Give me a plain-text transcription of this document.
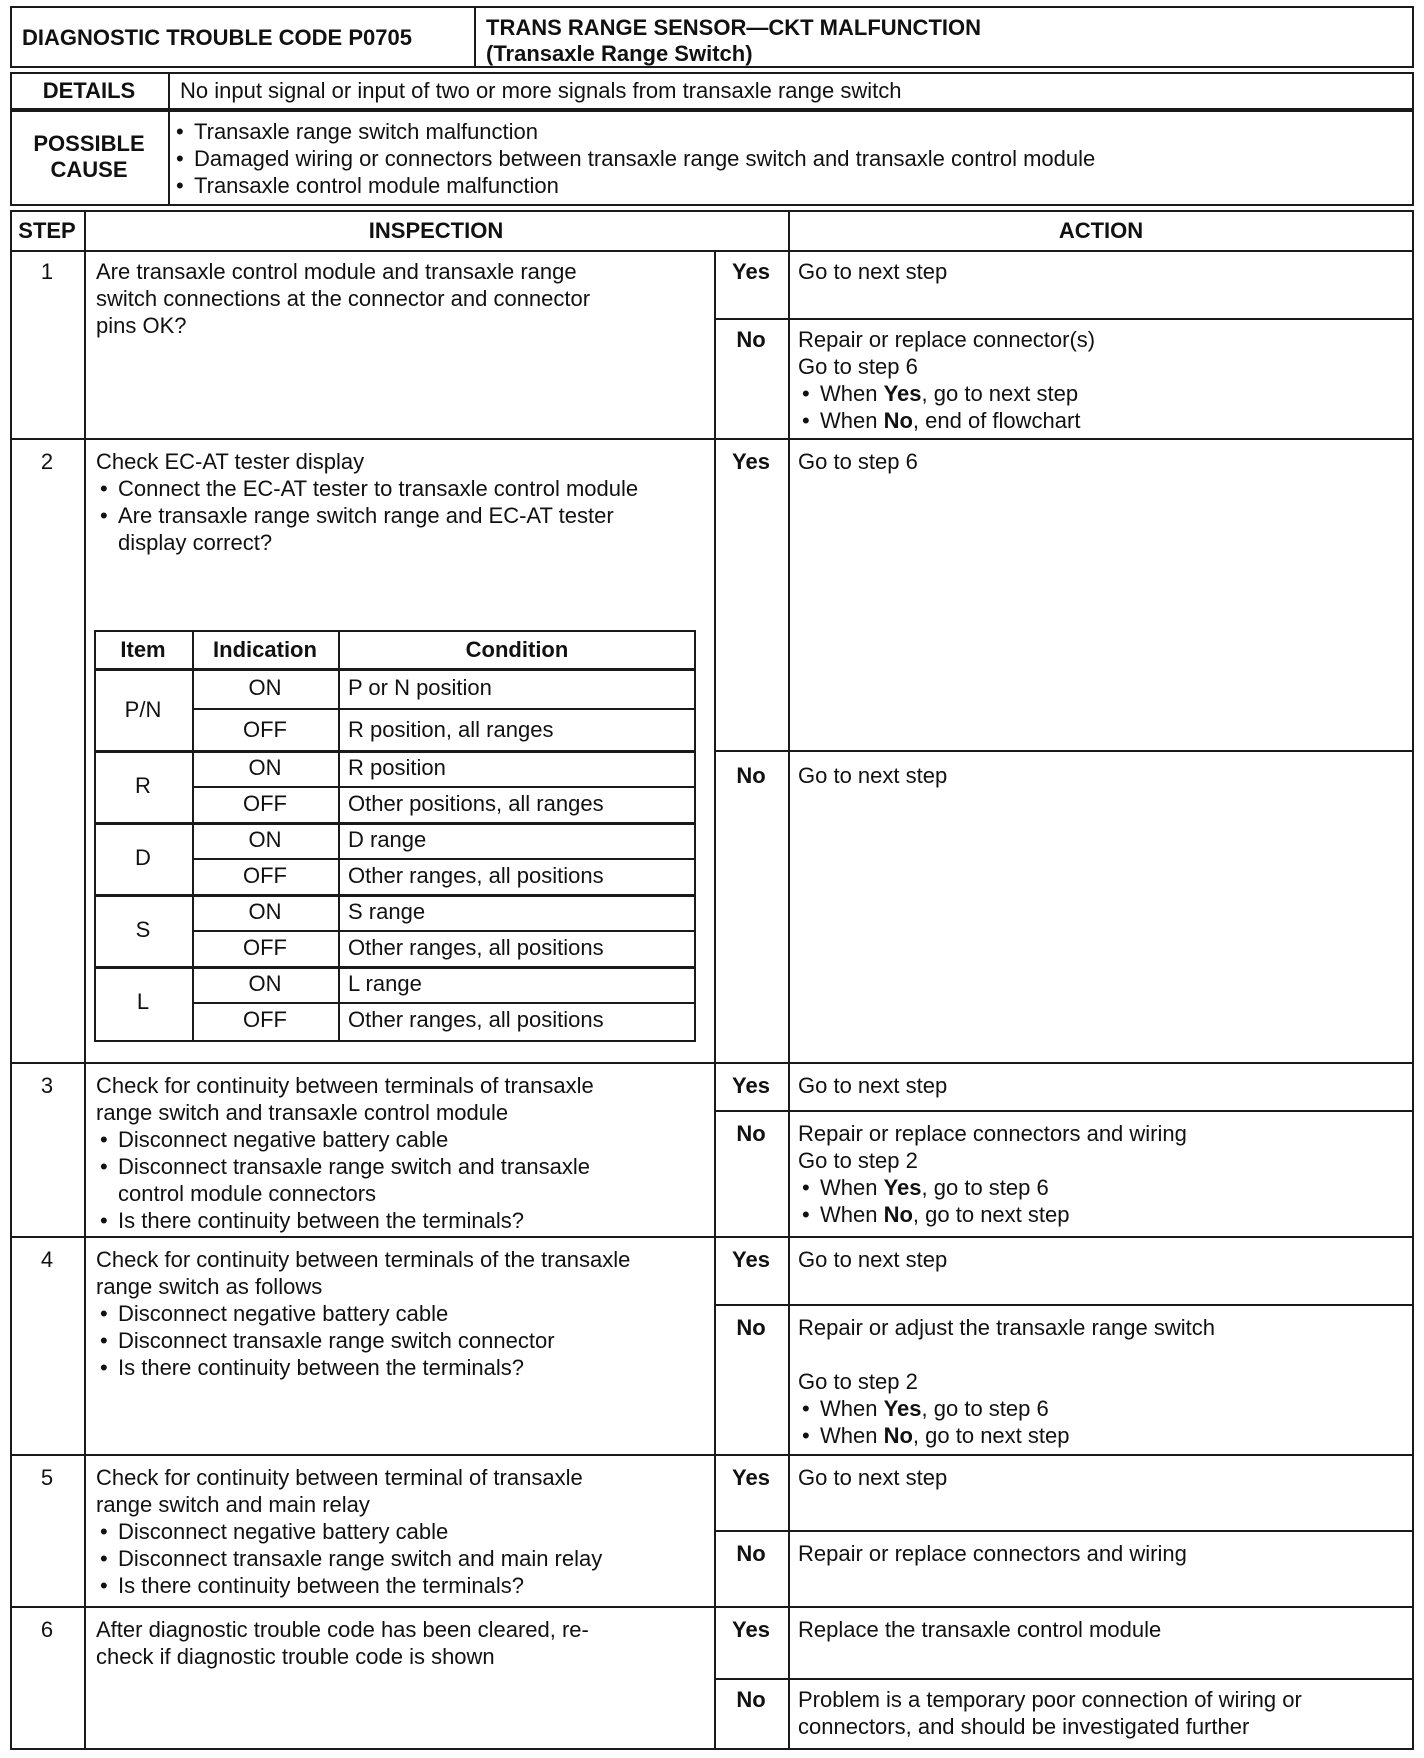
DIAGNOSTIC TROUBLE CODE P0705	TRANS RANGE SENSOR—CKT MALFUNCTION
(Transaxle Range Switch)
DETAILS	No input signal or input of two or more signals from transaxle range switch
POSSIBLE
CAUSE
• Transaxle range switch malfunction
• Damaged wiring or connectors between transaxle range switch and transaxle control module
• Transaxle control module malfunction
STEP	INSPECTION	ACTION
1	Are transaxle control module and transaxle range
switch connections at the connector and connector
pins OK?
Yes	Go to next step
No	Repair or replace connector(s)
Go to step 6
• When Yes, go to next step
• When No, end of flowchart
2	Check EC-AT tester display
• Connect the EC-AT tester to transaxle control module
• Are transaxle range switch range and EC-AT tester
display correct?
Item	Indication	Condition
P/N
ON	P or N position
OFF	R position, all ranges
R
ON	R position
OFF	Other positions, all ranges
D
ON	D range
OFF	Other ranges, all positions
S
ON	S range
OFF	Other ranges, all positions
L
ON	L range
OFF	Other ranges, all positions
Yes	Go to step 6
No	Go to next step
3	Check for continuity between terminals of transaxle
range switch and transaxle control module
• Disconnect negative battery cable
• Disconnect transaxle range switch and transaxle
control module connectors
• Is there continuity between the terminals?
Yes	Go to next step
No	Repair or replace connectors and wiring
Go to step 2
• When Yes, go to step 6
• When No, go to next step
4	Check for continuity between terminals of the transaxle
range switch as follows
• Disconnect negative battery cable
• Disconnect transaxle range switch connector
• Is there continuity between the terminals?
Yes	Go to next step
No	Repair or adjust the transaxle range switch
Go to step 2
• When Yes, go to step 6
• When No, go to next step
5	Check for continuity between terminal of transaxle
range switch and main relay
• Disconnect negative battery cable
• Disconnect transaxle range switch and main relay
• Is there continuity between the terminals?
Yes	Go to next step
No	Repair or replace connectors and wiring
6	After diagnostic trouble code has been cleared, re-
check if diagnostic trouble code is shown
Yes	Replace the transaxle control module
No	Problem is a temporary poor connection of wiring or
connectors, and should be investigated further
